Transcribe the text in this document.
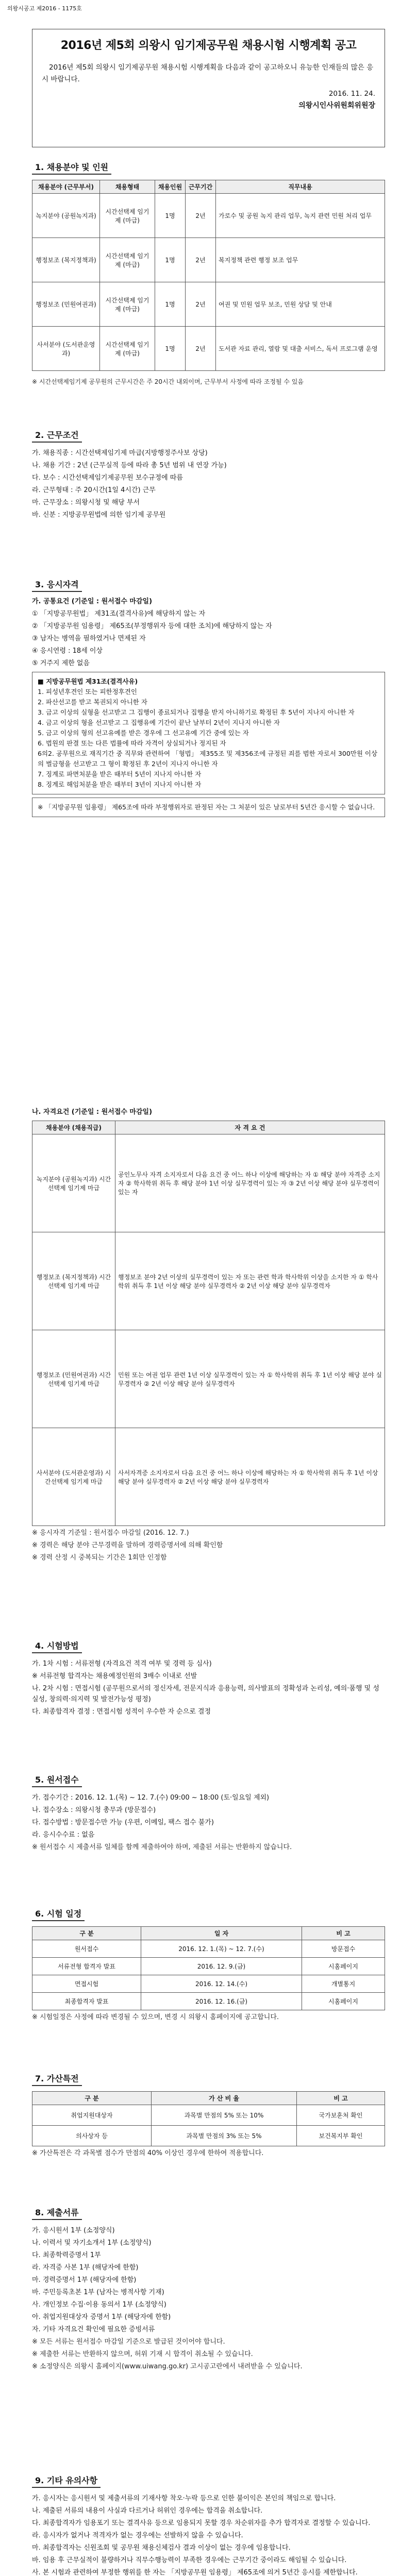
의왕시공고 제2016 - 1175호
2016년 제5회 의왕시 임기제공무원 채용시험 시행계획 공고
2016년 제5회 의왕시 임기제공무원 채용시험 시행계획을 다음과 같이 공고하오니 유능한 인재들의 많은 응시 바랍니다.
2016. 11. 24.
의왕시인사위원회위원장
1. 채용분야 및 인원
채용분야 (근무부서)	채용형태	채용인원	근무기간	직무내용
녹지분야 (공원녹지과)	시간선택제 임기제 (마급)	1명	2년	가로수 및 공원 녹지 관리 업무, 녹지 관련 민원 처리 업무
행정보조 (복지정책과)	시간선택제 임기제 (마급)	1명	2년	복지정책 관련 행정 보조 업무
행정보조 (민원여권과)	시간선택제 임기제 (마급)	1명	2년	여권 및 민원 업무 보조, 민원 상담 및 안내
사서분야 (도서관운영과)	시간선택제 임기제 (마급)	1명	2년	도서관 자료 관리, 열람 및 대출 서비스, 독서 프로그램 운영

※ 시간선택제임기제 공무원의 근무시간은 주 20시간 내외이며, 근무부서 사정에 따라 조정될 수 있음

2. 근무조건

가. 채용직종 : 시간선택제임기제 마급(지방행정주사보 상당)

나. 채용 기간 : 2년 (근무실적 등에 따라 총 5년 범위 내 연장 가능)

다. 보수 : 시간선택제임기제공무원 보수규정에 따름

라. 근무형태 : 주 20시간(1일 4시간) 근무

마. 근무장소 : 의왕시청 및 해당 부서

바. 신분 : 지방공무원법에 의한 임기제 공무원

3. 응시자격

가. 공통요건 (기준일 : 원서접수 마감일)

① 「지방공무원법」 제31조(결격사유)에 해당하지 않는 자

② 「지방공무원 임용령」 제65조(부정행위자 등에 대한 조치)에 해당하지 않는 자

③ 남자는 병역을 필하였거나 면제된 자

④ 응시연령 : 18세 이상

⑤ 거주지 제한 없음

■ 지방공무원법 제31조(결격사유)
1. 피성년후견인 또는 피한정후견인
2. 파산선고를 받고 복권되지 아니한 자
3. 금고 이상의 실형을 선고받고 그 집행이 종료되거나 집행을 받지 아니하기로 확정된 후 5년이 지나지 아니한 자
4. 금고 이상의 형을 선고받고 그 집행유예 기간이 끝난 날부터 2년이 지나지 아니한 자
5. 금고 이상의 형의 선고유예를 받은 경우에 그 선고유예 기간 중에 있는 자
6. 법원의 판결 또는 다른 법률에 따라 자격이 상실되거나 정지된 자
6의2. 공무원으로 재직기간 중 직무와 관련하여 「형법」 제355조 및 제356조에 규정된 죄를 범한 자로서 300만원 이상의 벌금형을 선고받고 그 형이 확정된 후 2년이 지나지 아니한 자
7. 징계로 파면처분을 받은 때부터 5년이 지나지 아니한 자
8. 징계로 해임처분을 받은 때부터 3년이 지나지 아니한 자
※ 「지방공무원 임용령」 제65조에 따라 부정행위자로 판정된 자는 그 처분이 있은 날로부터 5년간 응시할 수 없습니다.

나. 자격요건 (기준일 : 원서접수 마감일)

채용분야 (채용직급)	자 격 요 건
녹지분야 (공원녹지과) 시간선택제 임기제 마급	공인노무사 자격 소지자로서 다음 요건 중 어느 하나 이상에 해당하는 자 ① 해당 분야 자격증 소지자 ② 학사학위 취득 후 해당 분야 1년 이상 실무경력이 있는 자 ③ 2년 이상 해당 분야 실무경력이 있는 자
행정보조 (복지정책과) 시간선택제 임기제 마급	행정보조 분야 2년 이상의 실무경력이 있는 자 또는 관련 학과 학사학위 이상을 소지한 자 ① 학사학위 취득 후 1년 이상 해당 분야 실무경력자 ② 2년 이상 해당 분야 실무경력자
행정보조 (민원여권과) 시간선택제 임기제 마급	민원 또는 여권 업무 관련 1년 이상 실무경력이 있는 자 ① 학사학위 취득 후 1년 이상 해당 분야 실무경력자 ② 2년 이상 해당 분야 실무경력자
사서분야 (도서관운영과) 시간선택제 임기제 마급	사서자격증 소지자로서 다음 요건 중 어느 하나 이상에 해당하는 자 ① 학사학위 취득 후 1년 이상 해당 분야 실무경력자 ② 2년 이상 해당 분야 실무경력자

※ 응시자격 기준일 : 원서접수 마감일 (2016. 12. 7.)

※ 경력은 해당 분야 근무경력을 말하며 경력증명서에 의해 확인함

※ 경력 산정 시 중복되는 기간은 1회만 인정함

4. 시험방법

가. 1차 시험 : 서류전형 (자격요건 적격 여부 및 경력 등 심사)

※ 서류전형 합격자는 채용예정인원의 3배수 이내로 선발

나. 2차 시험 : 면접시험 (공무원으로서의 정신자세, 전문지식과 응용능력, 의사발표의 정확성과 논리성, 예의·품행 및 성실성, 창의력·의지력 및 발전가능성 평정)

다. 최종합격자 결정 : 면접시험 성적이 우수한 자 순으로 결정

5. 원서접수

가. 접수기간 : 2016. 12. 1.(목) ~ 12. 7.(수) 09:00 ~ 18:00 (토·일요일 제외)

나. 접수장소 : 의왕시청 총무과 (방문접수)

다. 접수방법 : 방문접수만 가능 (우편, 이메일, 팩스 접수 불가)

라. 응시수수료 : 없음

※ 원서접수 시 제출서류 일체를 함께 제출하여야 하며, 제출된 서류는 반환하지 않습니다.

6. 시험 일정
구 분	일 자	비 고
원서접수	2016. 12. 1.(목) ~ 12. 7.(수)	방문접수
서류전형 합격자 발표	2016. 12. 9.(금)	시홈페이지
면접시험	2016. 12. 14.(수)	개별통지
최종합격자 발표	2016. 12. 16.(금)	시홈페이지

※ 시험일정은 사정에 따라 변경될 수 있으며, 변경 시 의왕시 홈페이지에 공고합니다.

7. 가산특전
구 분	가 산 비 율	비 고
취업지원대상자	과목별 만점의 5% 또는 10%	국가보훈처 확인
의사상자 등	과목별 만점의 3% 또는 5%	보건복지부 확인

※ 가산특전은 각 과목별 점수가 만점의 40% 이상인 경우에 한하여 적용합니다.

8. 제출서류

가. 응시원서 1부 (소정양식)

나. 이력서 및 자기소개서 1부 (소정양식)

다. 최종학력증명서 1부

라. 자격증 사본 1부 (해당자에 한함)

마. 경력증명서 1부 (해당자에 한함)

바. 주민등록초본 1부 (남자는 병적사항 기재)

사. 개인정보 수집·이용 동의서 1부 (소정양식)

아. 취업지원대상자 증명서 1부 (해당자에 한함)

자. 기타 자격요건 확인에 필요한 증빙서류

※ 모든 서류는 원서접수 마감일 기준으로 발급된 것이어야 합니다.

※ 제출한 서류는 반환하지 않으며, 허위 기재 시 합격이 취소될 수 있습니다.

※ 소정양식은 의왕시 홈페이지(www.uiwang.go.kr) 고시공고란에서 내려받을 수 있습니다.

9. 기타 유의사항

가. 응시자는 응시원서 및 제출서류의 기재사항 착오·누락 등으로 인한 불이익은 본인의 책임으로 합니다.

나. 제출된 서류의 내용이 사실과 다르거나 허위인 경우에는 합격을 취소합니다.

다. 최종합격자가 임용포기 또는 결격사유 등으로 임용되지 못할 경우 차순위자를 추가 합격자로 결정할 수 있습니다.

라. 응시자가 없거나 적격자가 없는 경우에는 선발하지 않을 수 있습니다.

마. 최종합격자는 신원조회 및 공무원 채용신체검사 결과 이상이 없는 경우에 임용합니다.

바. 임용 후 근무실적이 불량하거나 직무수행능력이 부족한 경우에는 근무기간 중이라도 해임될 수 있습니다.

사. 본 시험과 관련하여 부정한 행위를 한 자는 「지방공무원 임용령」 제65조에 의거 5년간 응시를 제한합니다.
